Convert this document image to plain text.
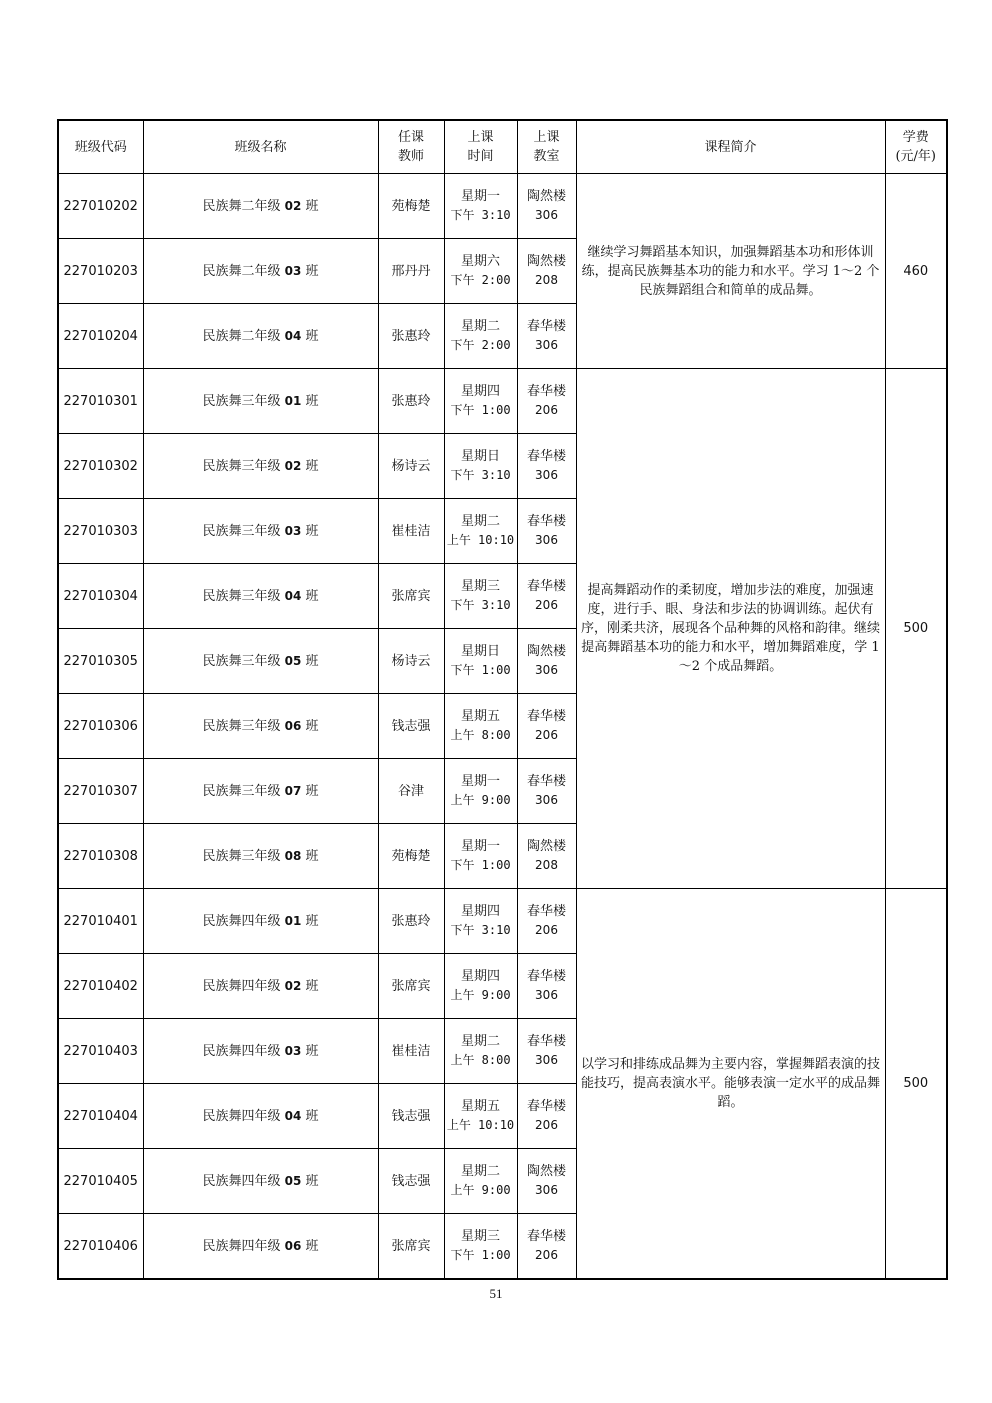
班级代码	班级名称	任课
教师	上课
时间	上课
教室	课程简介	学费
(元/年)

227010202	民族舞二年级 02 班	苑梅楚	星期一
下午 3:10	陶然楼
306	继续学习舞蹈基本知识，加强舞蹈基本功和形体训练，提高民族舞基本功的能力和水平。学习 1～2 个民族舞蹈组合和简单的成品舞。	460
227010203	民族舞二年级 03 班	邢丹丹	星期六
下午 2:00	陶然楼
208		

227010204	民族舞二年级 04 班	张惠玲	星期二
下午 2:00	春华楼
306		

227010301	民族舞三年级 01 班	张惠玲	星期四
下午 1:00	春华楼
206	提高舞蹈动作的柔韧度，增加步法的难度，加强速度，进行手、眼、身法和步法的协调训练。起伏有序，刚柔共济，展现各个品种舞的风格和韵律。继续提高舞蹈基本功的能力和水平，增加舞蹈难度，学 1～2 个成品舞蹈。	500
227010302	民族舞三年级 02 班	杨诗云	星期日
下午 3:10	春华楼
306		

227010303	民族舞三年级 03 班	崔桂洁	星期二
上午 10:10	春华楼
306		

227010304	民族舞三年级 04 班	张席宾	星期三
下午 3:10	春华楼
206		

227010305	民族舞三年级 05 班	杨诗云	星期日
下午 1:00	陶然楼
306		

227010306	民族舞三年级 06 班	钱志强	星期五
上午 8:00	春华楼
206		

227010307	民族舞三年级 07 班	谷津	星期一
上午 9:00	春华楼
306		

227010308	民族舞三年级 08 班	苑梅楚	星期一
下午 1:00	陶然楼
208		

227010401	民族舞四年级 01 班	张惠玲	星期四
下午 3:10	春华楼
206	以学习和排练成品舞为主要内容，掌握舞蹈表演的技能技巧，提高表演水平。能够表演一定水平的成品舞蹈。	500
227010402	民族舞四年级 02 班	张席宾	星期四
上午 9:00	春华楼
306		

227010403	民族舞四年级 03 班	崔桂洁	星期二
上午 8:00	春华楼
306		

227010404	民族舞四年级 04 班	钱志强	星期五
上午 10:10	春华楼
206		

227010405	民族舞四年级 05 班	钱志强	星期二
上午 9:00	陶然楼
306		

227010406	民族舞四年级 06 班	张席宾	星期三
下午 1:00	春华楼
206		
51
